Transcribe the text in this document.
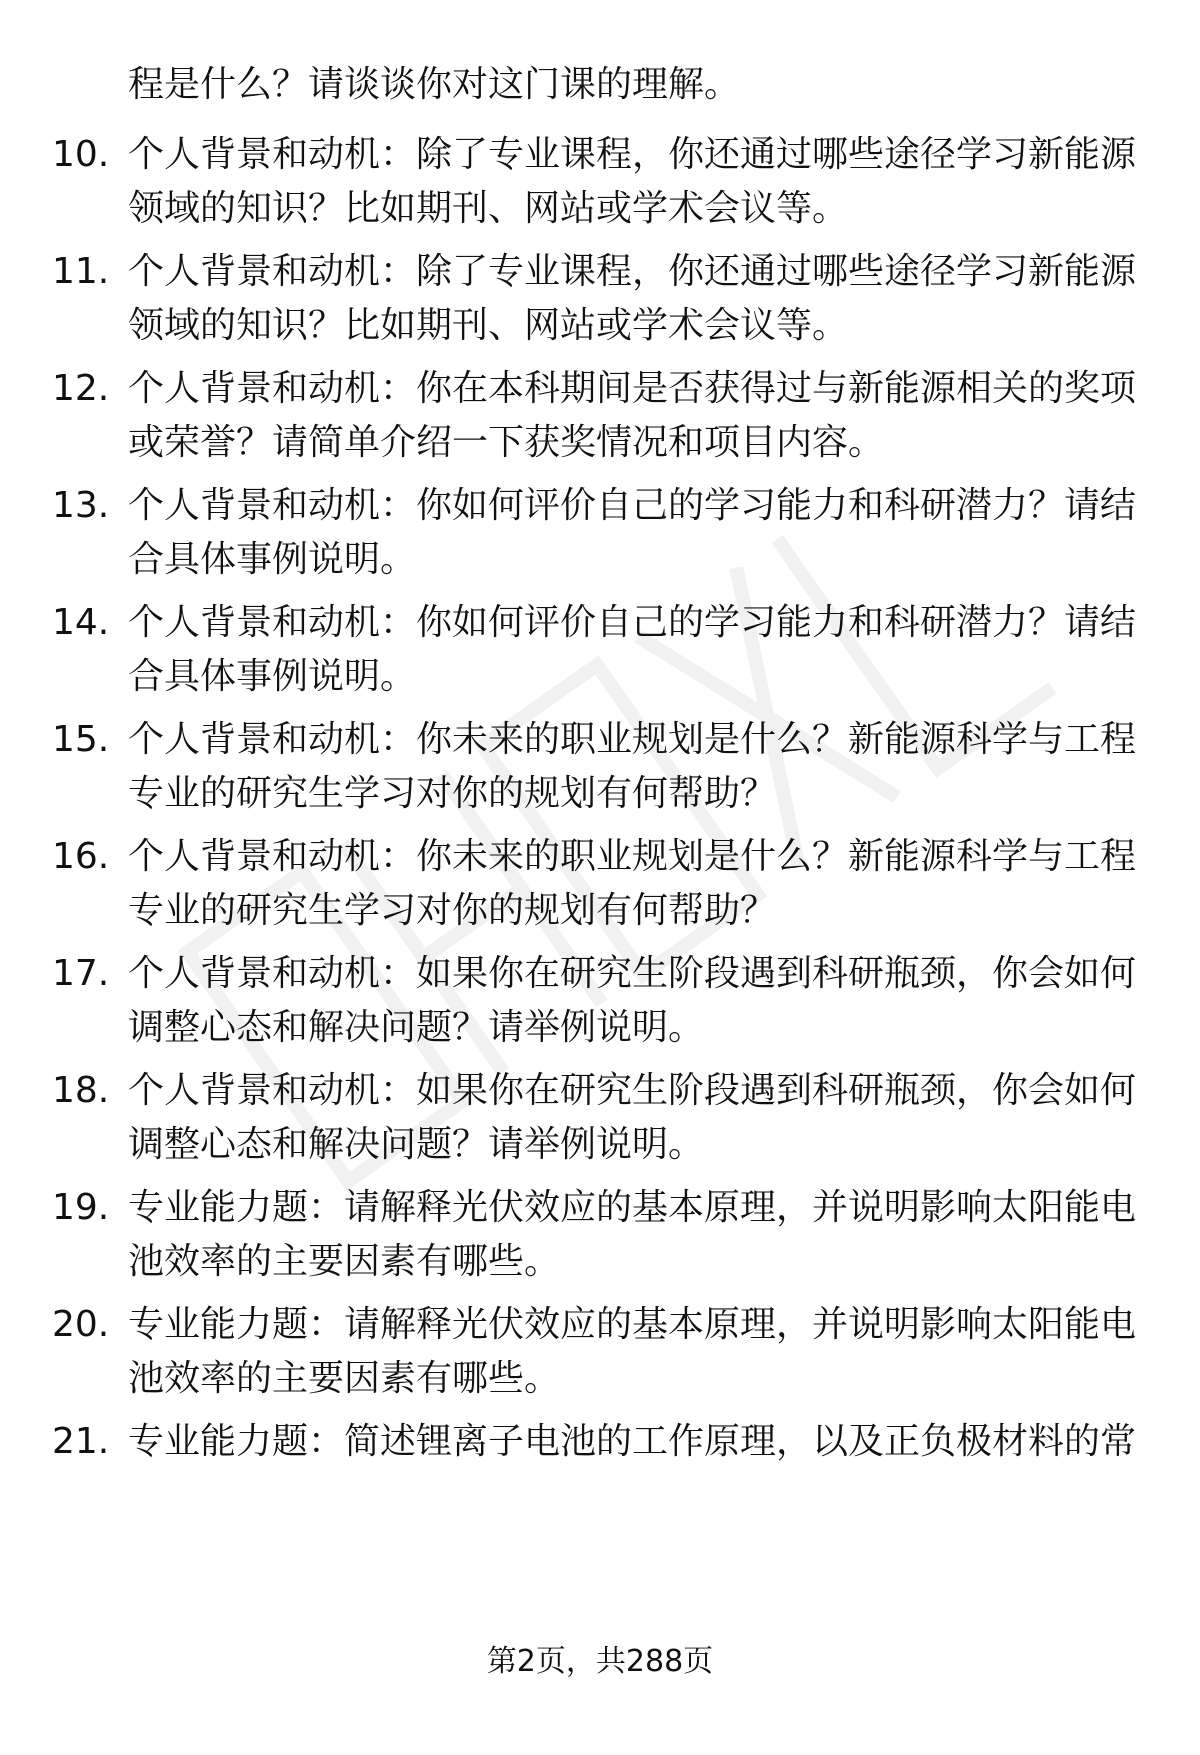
程是什么？请谈谈你对这门课的理解。
10. 个人背景和动机：除了专业课程，你还通过哪些途径学习新能源
领域的知识？比如期刊、网站或学术会议等。
11. 个人背景和动机：除了专业课程，你还通过哪些途径学习新能源
领域的知识？比如期刊、网站或学术会议等。
12. 个人背景和动机：你在本科期间是否获得过与新能源相关的奖项
或荣誉？请简单介绍一下获奖情况和项目内容。
13. 个人背景和动机：你如何评价自己的学习能力和科研潜力？请结
合具体事例说明。
14. 个人背景和动机：你如何评价自己的学习能力和科研潜力？请结
合具体事例说明。
15. 个人背景和动机：你未来的职业规划是什么？新能源科学与工程
专业的研究生学习对你的规划有何帮助？
16. 个人背景和动机：你未来的职业规划是什么？新能源科学与工程
专业的研究生学习对你的规划有何帮助？
17. 个人背景和动机：如果你在研究生阶段遇到科研瓶颈，你会如何
调整心态和解决问题？请举例说明。
18. 个人背景和动机：如果你在研究生阶段遇到科研瓶颈，你会如何
调整心态和解决问题？请举例说明。
19. 专业能力题：请解释光伏效应的基本原理，并说明影响太阳能电
池效率的主要因素有哪些。
20. 专业能力题：请解释光伏效应的基本原理，并说明影响太阳能电
池效率的主要因素有哪些。
21. 专业能力题：简述锂离子电池的工作原理，以及正负极材料的常
第2页，共288页
